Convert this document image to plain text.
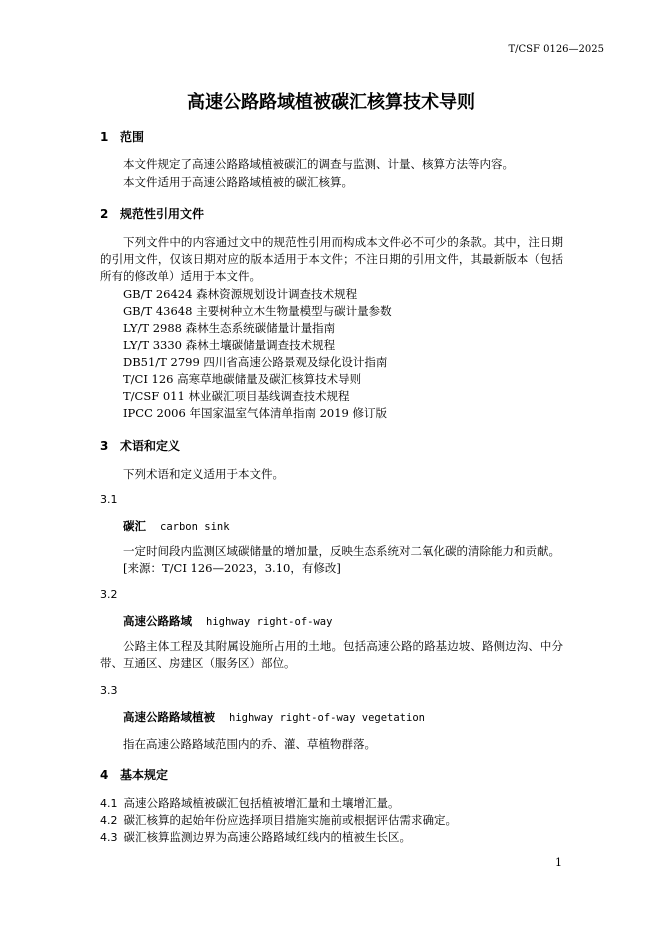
T/CSF 0126—2025
高速公路路域植被碳汇核算技术导则
1 范围
本文件规定了高速公路路域植被碳汇的调查与监测、计量、核算方法等内容。
本文件适用于高速公路路域植被的碳汇核算。
2 规范性引用文件
下列文件中的内容通过文中的规范性引用而构成本文件必不可少的条款。其中，注日期的引用文件，仅该日期对应的版本适用于本文件；不注日期的引用文件，其最新版本（包括所有的修改单）适用于本文件。
GB/T 26424 森林资源规划设计调查技术规程
GB/T 43648 主要树种立木生物量模型与碳计量参数
LY/T 2988 森林生态系统碳储量计量指南
LY/T 3330 森林土壤碳储量调查技术规程
DB51/T 2799 四川省高速公路景观及绿化设计指南
T/CI 126 高寒草地碳储量及碳汇核算技术导则
T/CSF 011 林业碳汇项目基线调查技术规程
IPCC 2006 年国家温室气体清单指南 2019 修订版
3 术语和定义
下列术语和定义适用于本文件。
3.1
碳汇 carbon sink
一定时间段内监测区域碳储量的增加量，反映生态系统对二氧化碳的清除能力和贡献。
[来源：T/CI 126—2023，3.10，有修改]
3.2
高速公路路域 highway right-of-way
公路主体工程及其附属设施所占用的土地。包括高速公路的路基边坡、路侧边沟、中分带、互通区、房建区（服务区）部位。
3.3
高速公路路域植被 highway right-of-way vegetation
指在高速公路路域范围内的乔、灌、草植物群落。
4 基本规定
4.1 高速公路路域植被碳汇包括植被增汇量和土壤增汇量。
4.2 碳汇核算的起始年份应选择项目措施实施前或根据评估需求确定。
4.3 碳汇核算监测边界为高速公路路域红线内的植被生长区。
1
